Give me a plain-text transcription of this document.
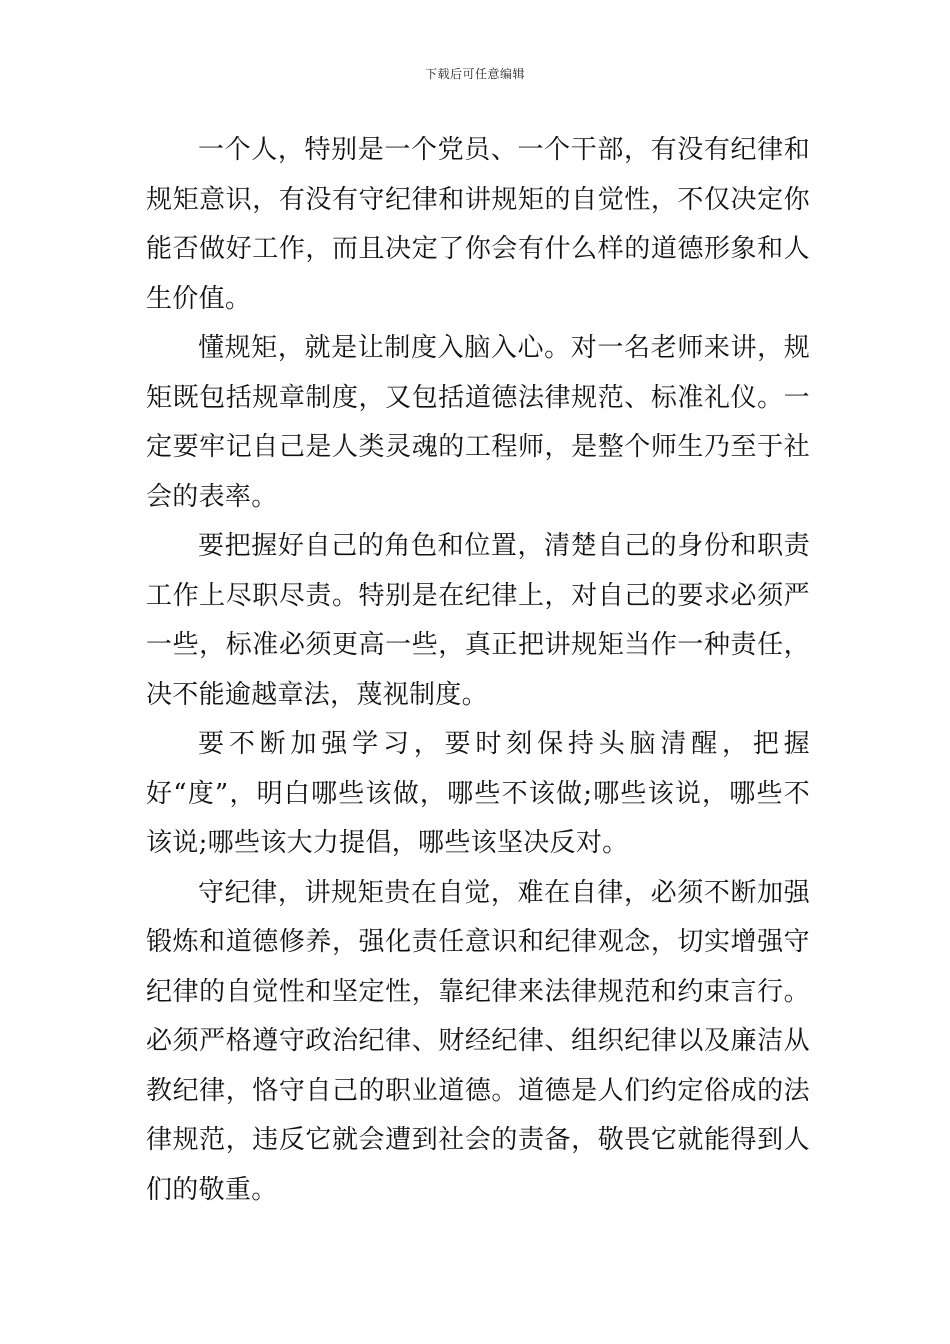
下载后可任意编辑

一个人，特别是一个党员、一个干部，有没有纪律和规矩意识，有没有守纪律和讲规矩的自觉性，不仅决定你能否做好工作，而且决定了你会有什么样的道德形象和人生价值。

懂规矩，就是让制度入脑入心。对一名老师来讲，规矩既包括规章制度，又包括道德法律规范、标准礼仪。一定要牢记自己是人类灵魂的工程师，是整个师生乃至于社会的表率。

要把握好自己的角色和位置，清楚自己的身份和职责工作上尽职尽责。特别是在纪律上，对自己的要求必须严一些，标准必须更高一些，真正把讲规矩当作一种责任，决不能逾越章法，蔑视制度。

要不断加强学习，要时刻保持头脑清醒，把握好“度”，明白哪些该做，哪些不该做;哪些该说，哪些不该说;哪些该大力提倡，哪些该坚决反对。

守纪律，讲规矩贵在自觉，难在自律，必须不断加强锻炼和道德修养，强化责任意识和纪律观念，切实增强守纪律的自觉性和坚定性，靠纪律来法律规范和约束言行。必须严格遵守政治纪律、财经纪律、组织纪律以及廉洁从教纪律，恪守自己的职业道德。道德是人们约定俗成的法律规范，违反它就会遭到社会的责备，敬畏它就能得到人们的敬重。
